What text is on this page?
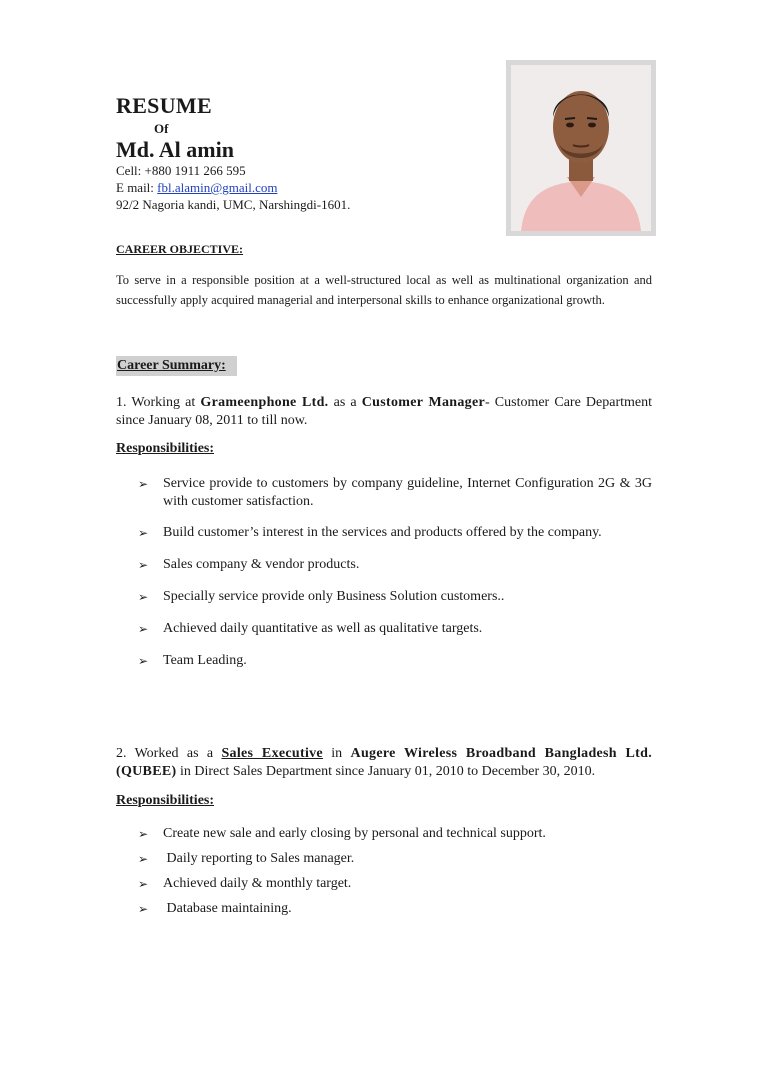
RESUME
Of
Md. Al amin
Cell: +880 1911 266 595
E mail: fbl.alamin@gmail.com
92/2 Nagoria kandi, UMC, Narshingdi-1601.
CAREER OBJECTIVE:
To serve in a responsible position at a well-structured local as well as multinational organization and successfully apply acquired managerial and interpersonal skills to enhance organizational growth.
Career Summary:
1. Working at Grameenphone Ltd. as a Customer Manager- Customer Care Department since January 08, 2011 to till now.
Responsibilities:
➢	Service provide to customers by company guideline, Internet Configuration 2G & 3G with customer satisfaction.
➢	Build customer’s interest in the services and products offered by the company.
➢	Sales company & vendor products.
➢	Specially service provide only Business Solution customers..
➢	Achieved daily quantitative as well as qualitative targets.
➢	Team Leading.
2. Worked as a Sales Executive in Augere Wireless Broadband Bangladesh Ltd. (QUBEE) in Direct Sales Department since January 01, 2010 to December 30, 2010.
Responsibilities:
➢	Create new sale and early closing by personal and technical support.
➢	Daily reporting to Sales manager.
➢	Achieved daily & monthly target.
➢	Database maintaining.
